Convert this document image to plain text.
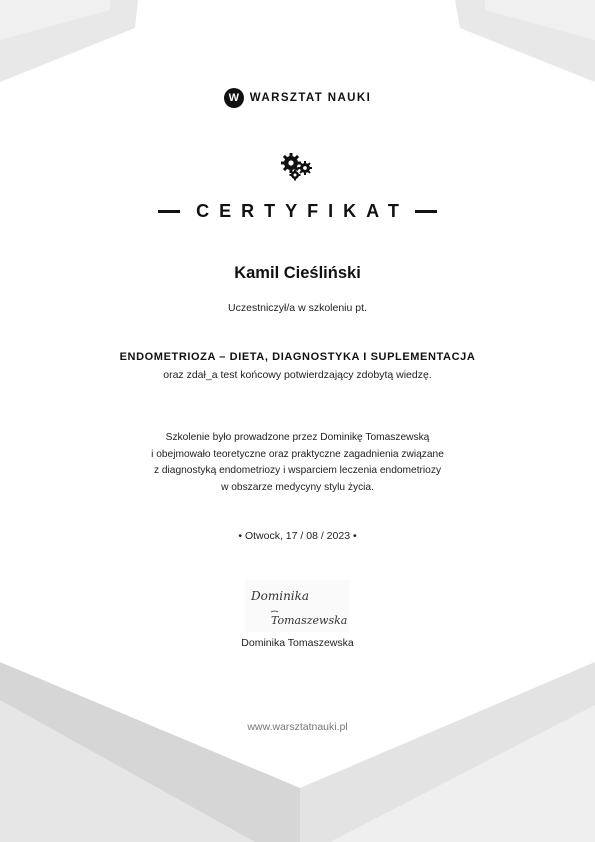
W WARSZTAT NAUKI
CERTYFIKAT
Kamil Cieśliński
Uczestniczył/a w szkoleniu pt.
ENDOMETRIOZA – DIETA, DIAGNOSTYKA I SUPLEMENTACJA
oraz zdał_a test końcowy potwierdzający zdobytą wiedzę.
Szkolenie było prowadzone przez Dominikę Tomaszewską
i obejmowało teoretyczne oraz praktyczne zagadnienia związane
z diagnostyką endometriozy i wsparciem leczenia endometriozy
w obszarze medycyny stylu życia.
• Otwock, 17 / 08 / 2023 •
Dominika
Tomaszewska
Dominika Tomaszewska
www.warsztatnauki.pl
